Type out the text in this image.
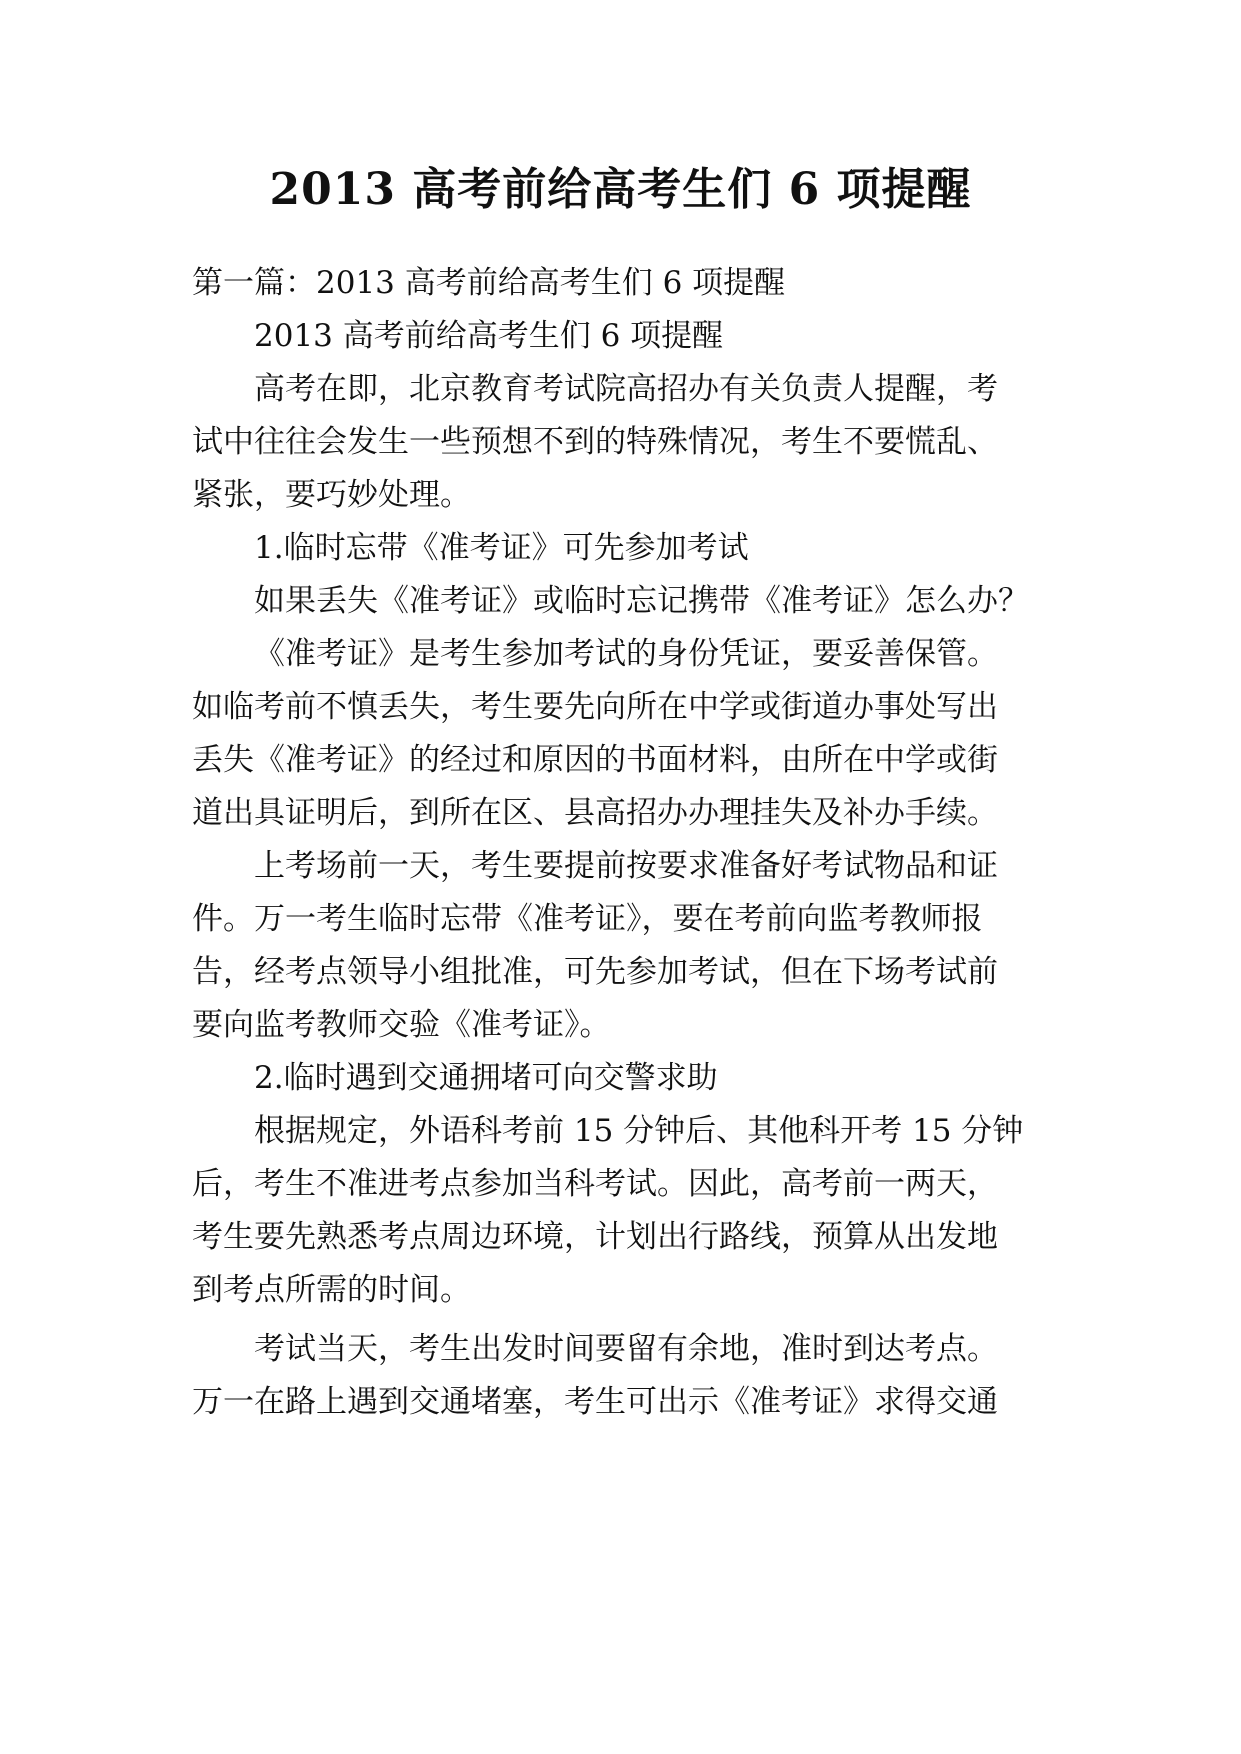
2013 高考前给高考生们 6 项提醒
第一篇：2013 高考前给高考生们 6 项提醒
2013 高考前给高考生们 6 项提醒
高考在即，北京教育考试院高招办有关负责人提醒，考
试中往往会发生一些预想不到的特殊情况，考生不要慌乱、
紧张，要巧妙处理。
1.临时忘带《准考证》可先参加考试
如果丢失《准考证》或临时忘记携带《准考证》怎么办？
《准考证》是考生参加考试的身份凭证，要妥善保管。
如临考前不慎丢失，考生要先向所在中学或街道办事处写出
丢失《准考证》的经过和原因的书面材料，由所在中学或街
道出具证明后，到所在区、县高招办办理挂失及补办手续。
上考场前一天，考生要提前按要求准备好考试物品和证
件。万一考生临时忘带《准考证》，要在考前向监考教师报
告，经考点领导小组批准，可先参加考试，但在下场考试前
要向监考教师交验《准考证》。
2.临时遇到交通拥堵可向交警求助
根据规定，外语科考前 15 分钟后、其他科开考 15 分钟
后，考生不准进考点参加当科考试。因此，高考前一两天，
考生要先熟悉考点周边环境，计划出行路线，预算从出发地
到考点所需的时间。
考试当天，考生出发时间要留有余地，准时到达考点。
万一在路上遇到交通堵塞，考生可出示《准考证》求得交通
